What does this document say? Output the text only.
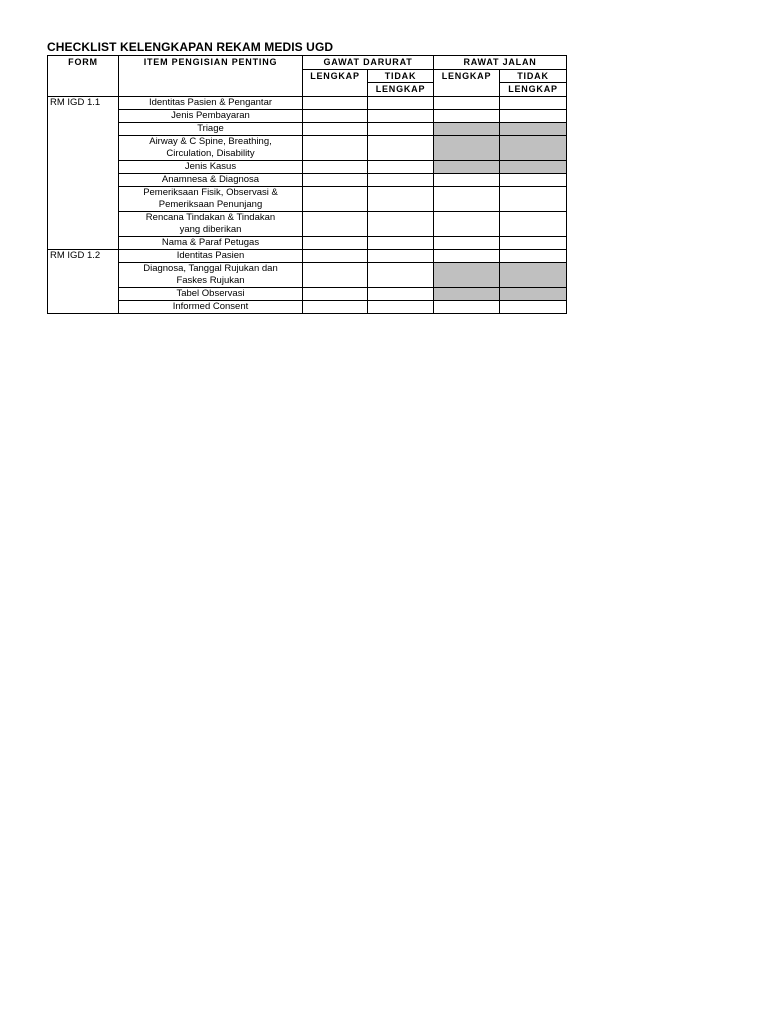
CHECKLIST KELENGKAPAN REKAM MEDIS UGD
FORM	ITEM PENGISIAN PENTING	GAWAT DARURAT		RAWAT JALAN	
		LENGKAP	TIDAK	LENGKAP	TIDAK
			LENGKAP		LENGKAP
RM IGD 1.1	Identitas Pasien & Pengantar				

	Jenis Pembayaran				

	Triage				

	Airway & C Spine, Breathing,
Circulation, Disability				

	Jenis Kasus				

	Anamnesa & Diagnosa				

	Pemeriksaan Fisik, Observasi &
Pemeriksaan Penunjang				

	Rencana Tindakan & Tindakan
yang diberikan				

	Nama & Paraf Petugas				

RM IGD 1.2	Identitas Pasien				

	Diagnosa, Tanggal Rujukan dan
Faskes Rujukan				

	Tabel Observasi				

	Informed Consent				
